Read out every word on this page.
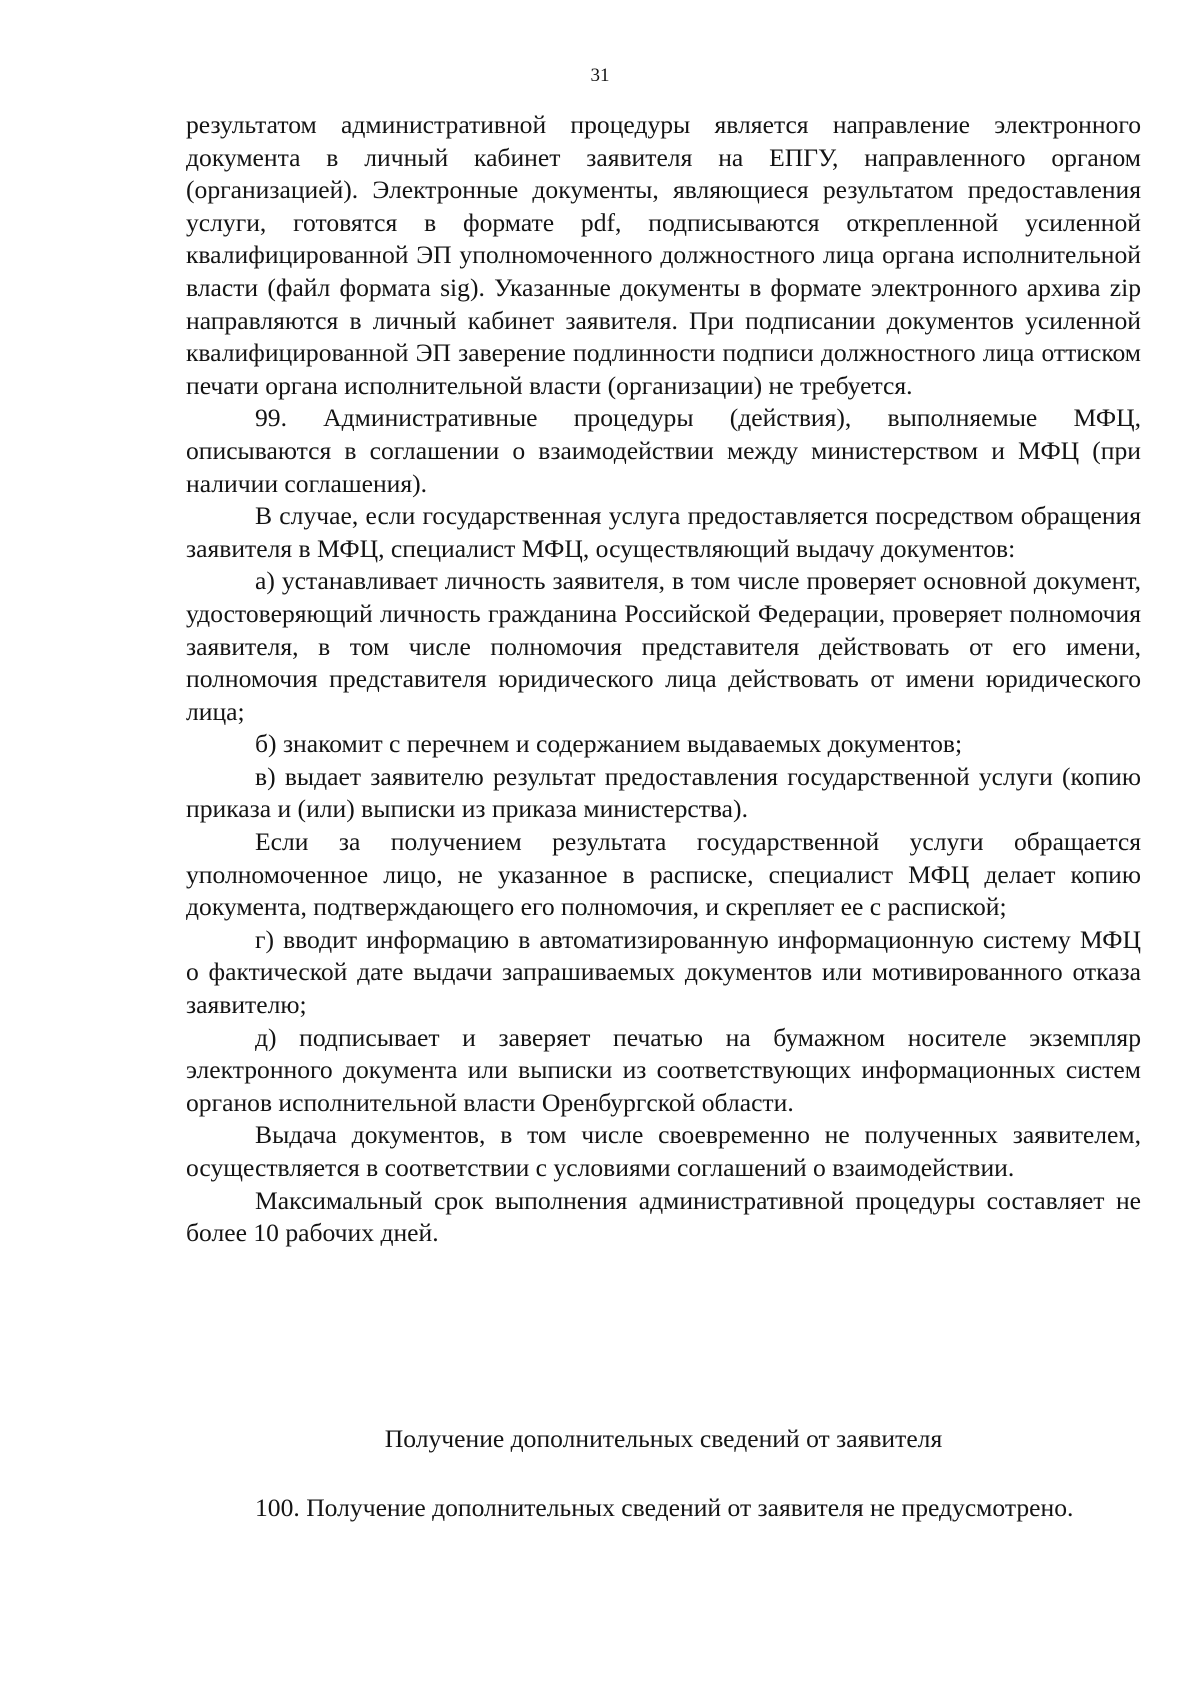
31

результатом административной процедуры является направление электронного документа в личный кабинет заявителя на ЕПГУ, направленного органом (организацией). Электронные документы, являющиеся результатом предоставления услуги, готовятся в формате pdf, подписываются открепленной усиленной квалифицированной ЭП уполномоченного должностного лица органа исполнительной власти (файл формата sig). Указанные документы в формате электронного архива zip направляются в личный кабинет заявителя. При подписании документов усиленной квалифицированной ЭП заверение подлинности подписи должностного лица оттиском печати органа исполнительной власти (организации) не требуется.

99. Административные процедуры (действия), выполняемые МФЦ, описываются в соглашении о взаимодействии между министерством и МФЦ (при наличии соглашения).

В случае, если государственная услуга предоставляется посредством обращения заявителя в МФЦ, специалист МФЦ, осуществляющий выдачу документов:

а) устанавливает личность заявителя, в том числе проверяет основной документ, удостоверяющий личность гражданина Российской Федерации, проверяет полномочия заявителя, в том числе полномочия представителя действовать от его имени, полномочия представителя юридического лица действовать от имени юридического лица;

б) знакомит с перечнем и содержанием выдаваемых документов;

в) выдает заявителю результат предоставления государственной услуги (копию приказа и (или) выписки из приказа министерства).

Если за получением результата государственной услуги обращается уполномоченное лицо, не указанное в расписке, специалист МФЦ делает копию документа, подтверждающего его полномочия, и скрепляет ее с распиской;

г) вводит информацию в автоматизированную информационную систему МФЦ о фактической дате выдачи запрашиваемых документов или мотивированного отказа заявителю;

д) подписывает и заверяет печатью на бумажном носителе экземпляр электронного документа или выписки из соответствующих информационных систем органов исполнительной власти Оренбургской области.

Выдача документов, в том числе своевременно не полученных заявителем, осуществляется в соответствии с условиями соглашений о взаимодействии.

Максимальный срок выполнения административной процедуры составляет не более 10 рабочих дней.

Получение дополнительных сведений от заявителя

100. Получение дополнительных сведений от заявителя не предусмотрено.
